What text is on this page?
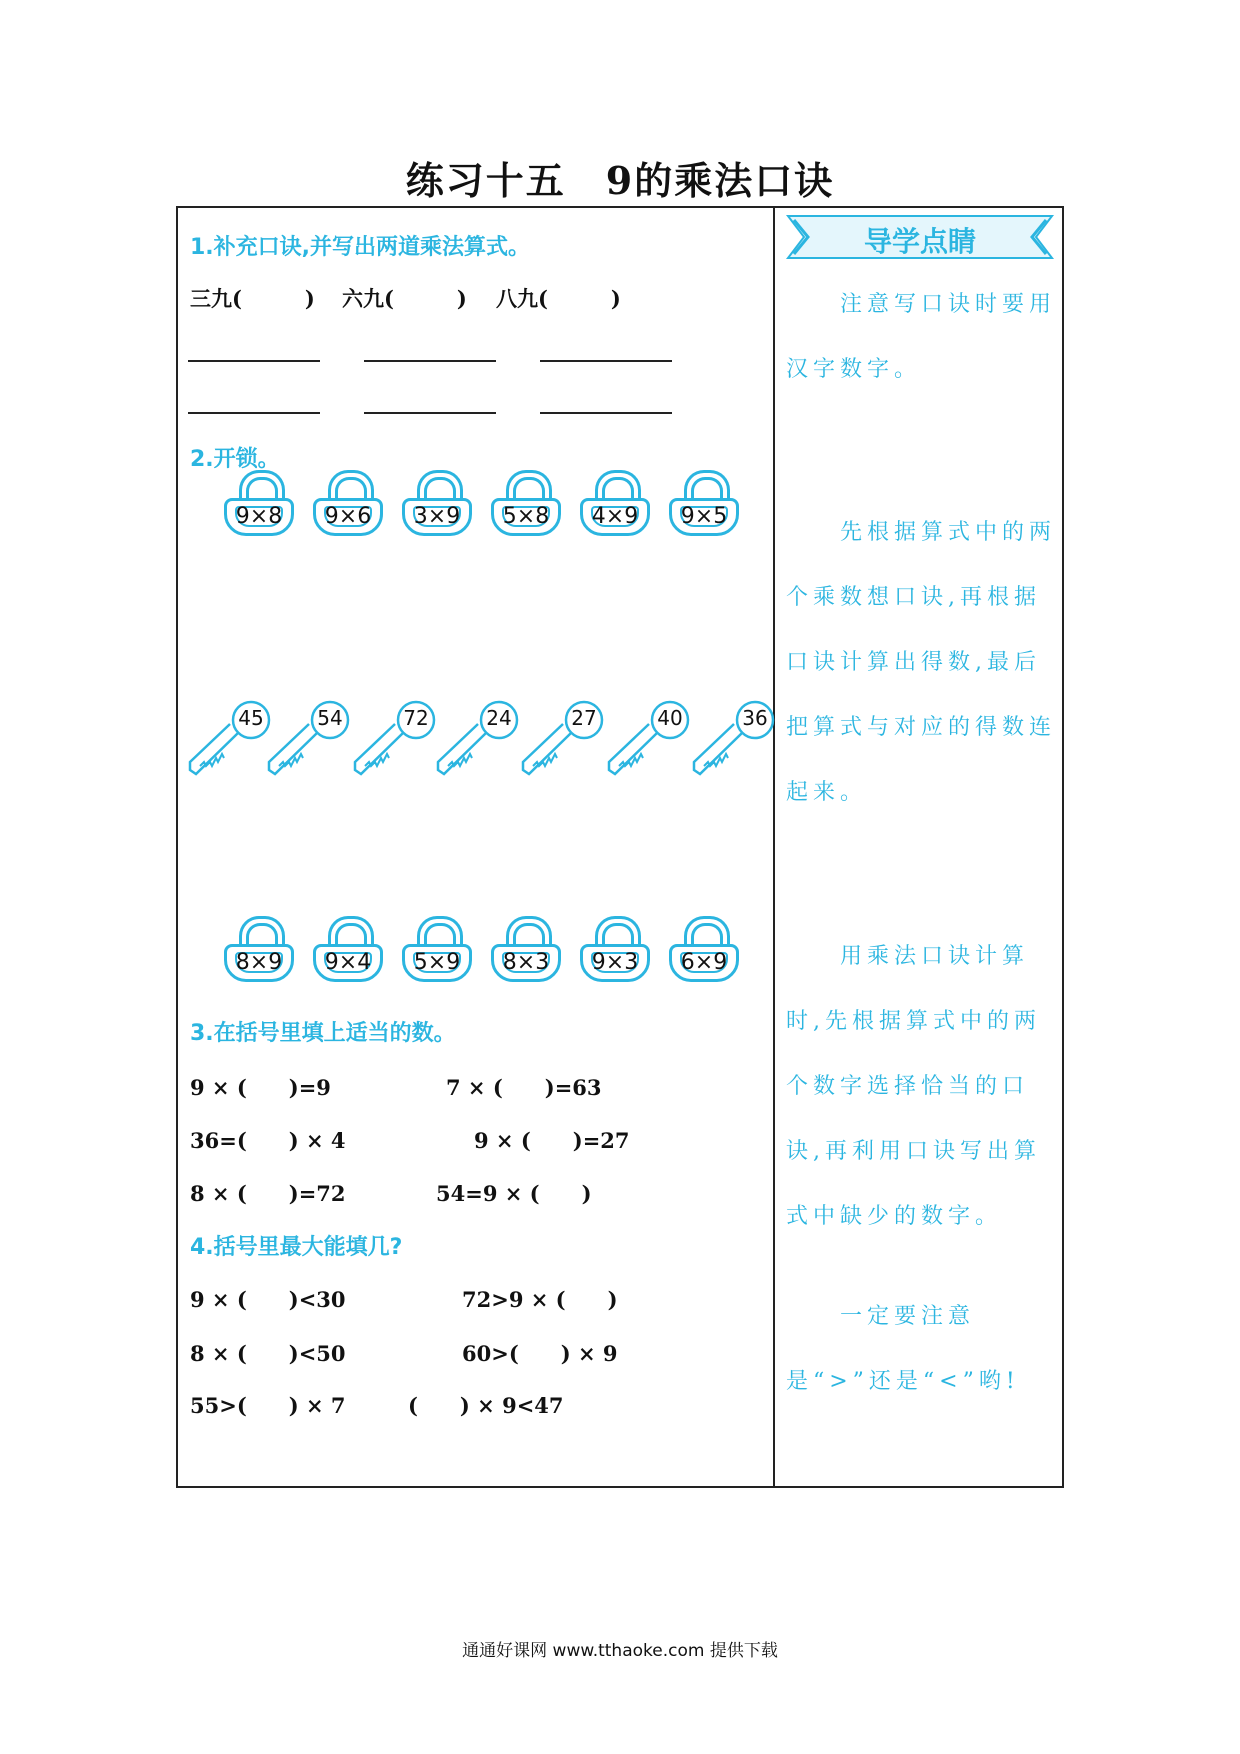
练习十五　9的乘法口诀
1.补充口诀,并写出两道乘法算式。
三九(　　　) 六九(　　　) 八九(　　　)
2.开锁。
9×8	9×6	3×9	5×8	4×9	9×5
45	54	72	24	27	40	36
8×9	9×4	5×9	8×3	9×3	6×9
3.在括号里填上适当的数。
9 × (　　)=9	7 × (　　)=63
36=(　　) × 4	9 × (　　)=27
8 × (　　)=72	54=9 × (　　)
4.括号里最大能填几?
9 × (　　)<30	72>9 × (　　)
8 × (　　)<50	60>(　　) × 9
55>(　　) × 7	(　　) × 9<47
导学点睛
　　注意写口诀时要用汉字数字。
　　先根据算式中的两个乘数想口诀,再根据口诀计算出得数,最后把算式与对应的得数连起来。
　　用乘法口诀计算时,先根据算式中的两个数字选择恰当的口诀,再利用口诀写出算式中缺少的数字。
　　一定要注意是“>”还是“<”哟!
通通好课网 www.tthaoke.com 提供下载
